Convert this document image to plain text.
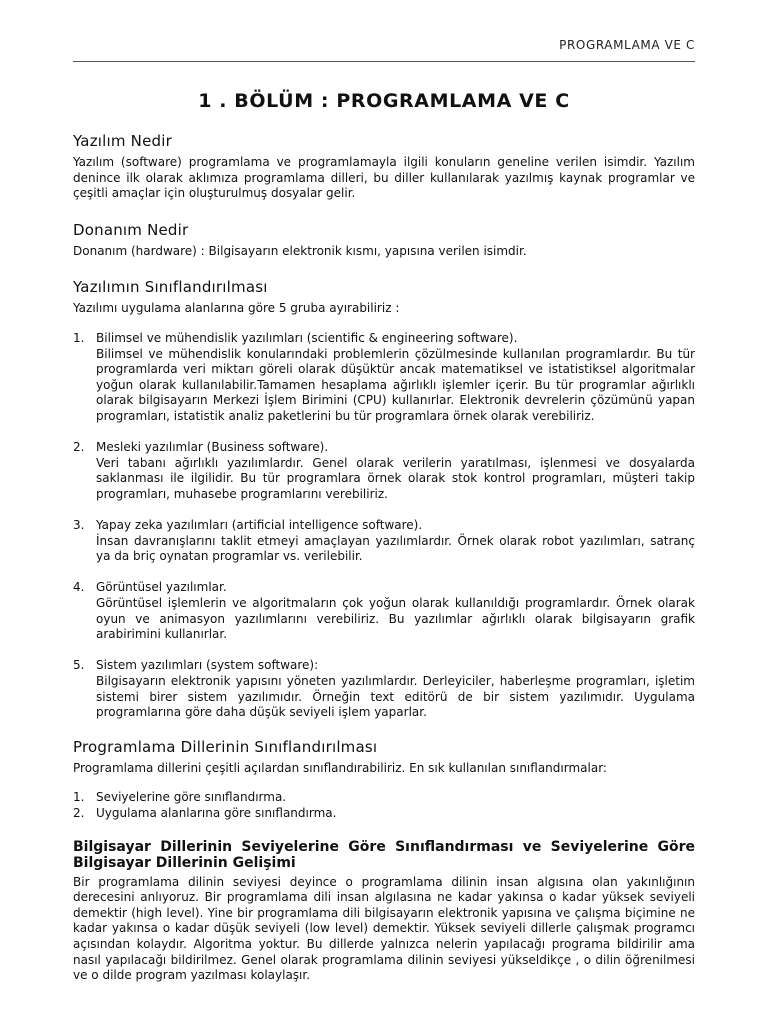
PROGRAMLAMA VE C
1 . BÖLÜM : PROGRAMLAMA VE C
Yazılım Nedir

Yazılım (software) programlama ve programlamayla ilgili konuların geneline verilen isimdir. Yazılım denince ilk olarak aklımıza programlama dilleri, bu diller kullanılarak yazılmış kaynak programlar ve çeşitli amaçlar için oluşturulmuş dosyalar gelir.

Donanım Nedir

Donanım (hardware) : Bilgisayarın elektronik kısmı, yapısına verilen isimdir.

Yazılımın Sınıflandırılması

Yazılımı uygulama alanlarına göre 5 gruba ayırabiliriz :

1. Bilimsel ve mühendislik yazılımları (scientific & engineering software).
Bilimsel ve mühendislik konularındaki problemlerin çözülmesinde kullanılan programlardır. Bu tür programlarda veri miktarı göreli olarak düşüktür ancak matematiksel ve istatistiksel algoritmalar yoğun olarak kullanılabilir.Tamamen hesaplama ağırlıklı işlemler içerir. Bu tür programlar ağırlıklı olarak bilgisayarın Merkezi İşlem Birimini (CPU) kullanırlar. Elektronik devrelerin çözümünü yapan programları, istatistik analiz paketlerini bu tür programlara örnek olarak verebiliriz.
2. Mesleki yazılımlar (Business software).
Veri tabanı ağırlıklı yazılımlardır. Genel olarak verilerin yaratılması, işlenmesi ve dosyalarda saklanması ile ilgilidir. Bu tür programlara örnek olarak stok kontrol programları, müşteri takip programları, muhasebe programlarını verebiliriz.
3. Yapay zeka yazılımları (artificial intelligence software).
İnsan davranışlarını taklit etmeyi amaçlayan yazılımlardır. Örnek olarak robot yazılımları, satranç ya da briç oynatan programlar vs. verilebilir.
4. Görüntüsel yazılımlar.
Görüntüsel işlemlerin ve algoritmaların çok yoğun olarak kullanıldığı programlardır. Örnek olarak oyun ve animasyon yazılımlarını verebiliriz. Bu yazılımlar ağırlıklı olarak bilgisayarın grafik arabirimini kullanırlar.
5. Sistem yazılımları (system software):
Bilgisayarın elektronik yapısını yöneten yazılımlardır. Derleyiciler, haberleşme programları, işletim sistemi birer sistem yazılımıdır. Örneğin text editörü de bir sistem yazılımıdır. Uygulama programlarına göre daha düşük seviyeli işlem yaparlar.
Programlama Dillerinin Sınıflandırılması

Programlama dillerini çeşitli açılardan sınıflandırabiliriz. En sık kullanılan sınıflandırmalar:

1. Seviyelerine göre sınıflandırma.
2. Uygulama alanlarına göre sınıflandırma.
Bilgisayar Dillerinin Seviyelerine Göre Sınıflandırması ve Seviyelerine Göre Bilgisayar Dillerinin Gelişimi

Bir programlama dilinin seviyesi deyince o programlama dilinin insan algısına olan yakınlığının derecesini anlıyoruz. Bir programlama dili insan algılasına ne kadar yakınsa o kadar yüksek seviyeli demektir (high level). Yine bir programlama dili bilgisayarın elektronik yapısına ve çalışma biçimine ne kadar yakınsa o kadar düşük seviyeli (low level) demektir. Yüksek seviyeli dillerle çalışmak programcı açısından kolaydır. Algoritma yoktur. Bu dillerde yalnızca nelerin yapılacağı programa bildirilir ama nasıl yapılacağı bildirilmez. Genel olarak programlama dilinin seviyesi yükseldikçe , o dilin öğrenilmesi ve o dilde program yazılması kolaylaşır.
